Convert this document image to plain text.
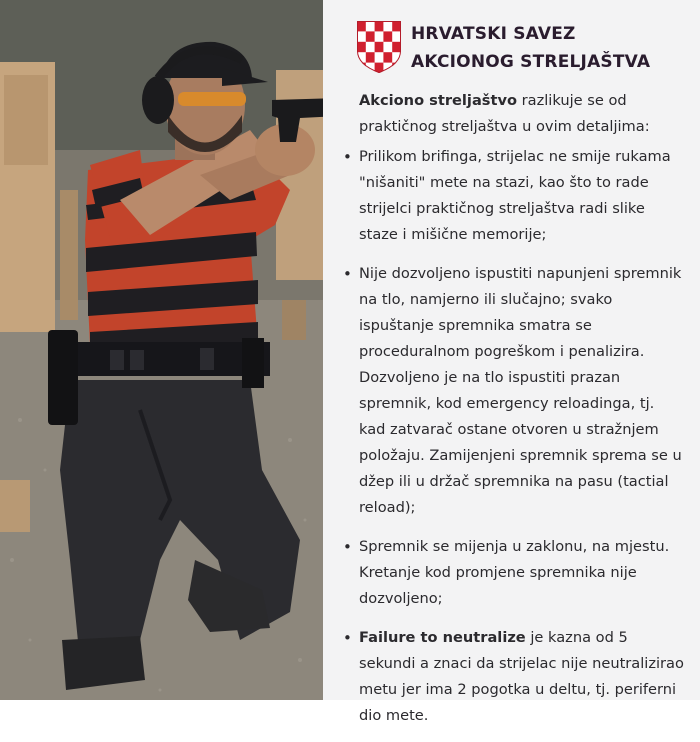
HRVATSKI SAVEZ
AKCIONOG STRELJAŠTVA

Akciono streljaštvo razlikuje se od praktičnog streljaštva u ovim detaljima:

• Prilikom brifinga, strijelac ne smije rukama "nišaniti" mete na stazi, kao što to rade strijelci praktičnog streljaštva radi slike staze i mišične memorije;
• Nije dozvoljeno ispustiti napunjeni spremnik na tlo, namjerno ili slučajno; svako ispuštanje spremnika smatra se proceduralnom pogreškom i penalizira. Dozvoljeno je na tlo ispustiti prazan spremnik, kod emergency reloadinga, tj. kad zatvarač ostane otvoren u stražnjem položaju. Zamijenjeni spremnik sprema se u džep ili u držač spremnika na pasu (tactial reload);
• Spremnik se mijenja u zaklonu, na mjestu. Kretanje kod promjene spremnika nije dozvoljeno;
• Failure to neutralize je kazna od 5 sekundi a znaci da strijelac nije neutralizirao metu jer ima 2 pogotka u deltu, tj. periferni dio mete.
